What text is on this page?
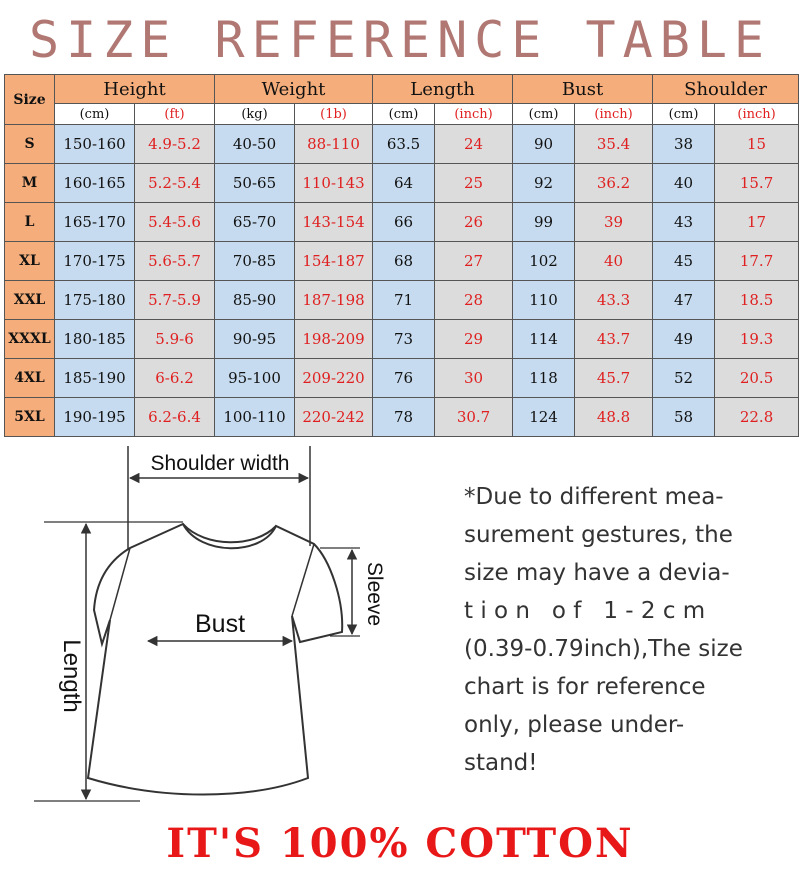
SIZE REFERENCE TABLE
Size	Height		Weight		Length		Bust		Shoulder	
	(cm)	(ft)	(kg)	(1b)	(cm)	(inch)	(cm)	(inch)	(cm)	(inch)
S	150-160	4.9-5.2	40-50	88-110	63.5	24	90	35.4	38	15
M	160-165	5.2-5.4	50-65	110-143	64	25	92	36.2	40	15.7
L	165-170	5.4-5.6	65-70	143-154	66	26	99	39	43	17
XL	170-175	5.6-5.7	70-85	154-187	68	27	102	40	45	17.7
XXL	175-180	5.7-5.9	85-90	187-198	71	28	110	43.3	47	18.5
XXXL	180-185	5.9-6	90-95	198-209	73	29	114	43.7	49	19.3
4XL	185-190	6-6.2	95-100	209-220	76	30	118	45.7	52	20.5
5XL	190-195	6.2-6.4	100-110	220-242	78	30.7	124	48.8	58	22.8
Shoulder width
Bust	Sleeve
Length
*Due to different mea-
surement gestures, the
size may have a devia-
t i o n   o f   1 - 2 c m
(0.39-0.79inch),The size
chart is for reference
only, please under-
stand!
IT'S 100% COTTON
